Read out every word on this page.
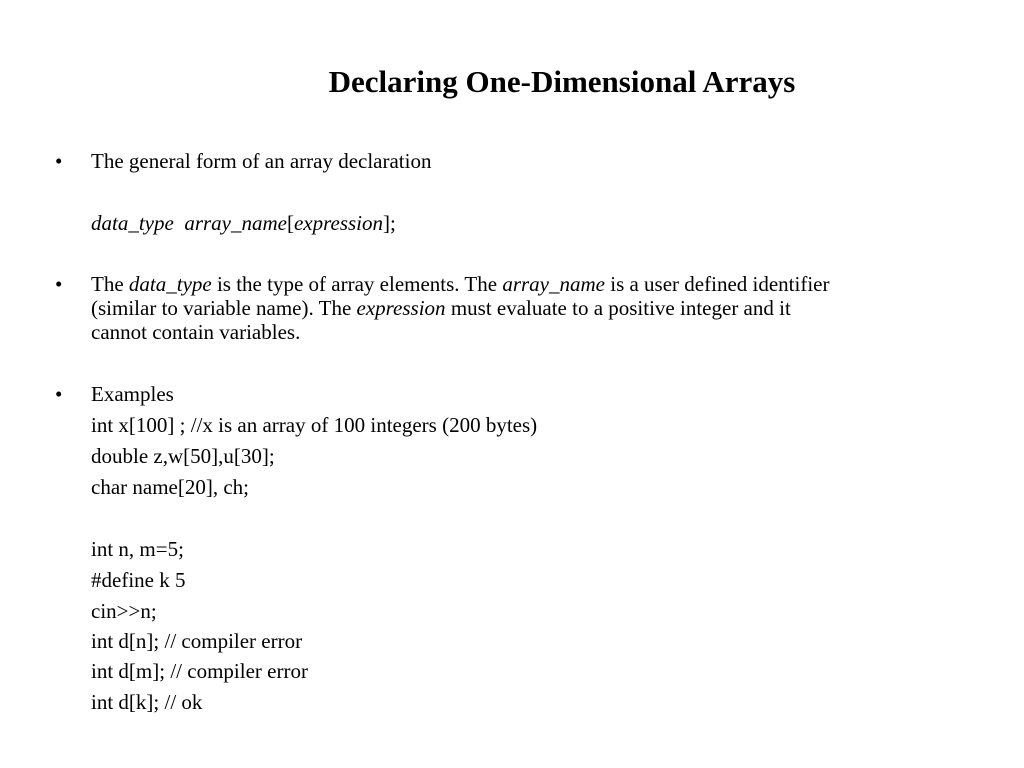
Declaring One-Dimensional Arrays
• The general form of an array declaration
data_type array_name[expression];
• The data_type is the type of array elements. The array_name is a user defined identifier
(similar to variable name). The expression must evaluate to a positive integer and it
cannot contain variables.
• Examples
int x[100] ; //x is an array of 100 integers (200 bytes)
double z,w[50],u[30];
char name[20], ch;
int n, m=5;
#define k 5
cin>>n;
int d[n]; // compiler error
int d[m]; // compiler error
int d[k]; // ok
